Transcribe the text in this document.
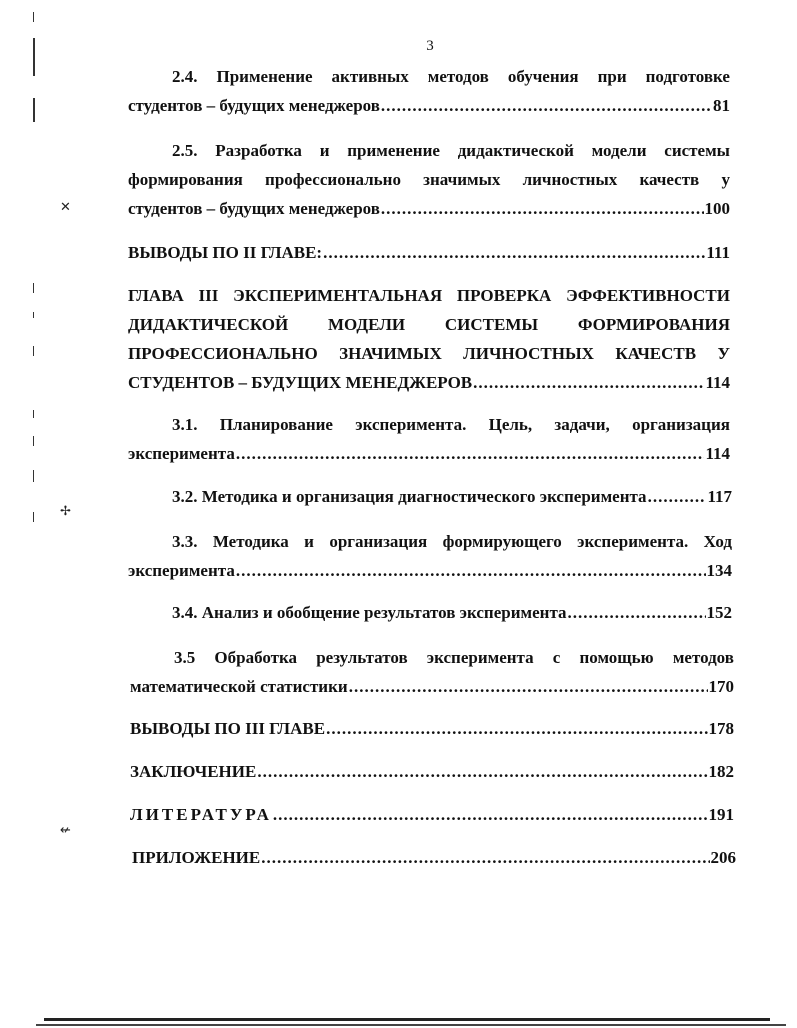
3
2.4. Применение активных методов обучения при подготовке
студентов – будущих менеджеров .....	81
2.5. Разработка и применение дидактической модели системы
формирования профессионально значимых личностных качеств у
студентов – будущих менеджеров .....	100
ВЫВОДЫ ПО II ГЛАВЕ: .....	111
ГЛАВА III ЭКСПЕРИМЕНТАЛЬНАЯ ПРОВЕРКА ЭФФЕКТИВНОСТИ
ДИДАКТИЧЕСКОЙ МОДЕЛИ СИСТЕМЫ ФОРМИРОВАНИЯ
ПРОФЕССИОНАЛЬНО ЗНАЧИМЫХ ЛИЧНОСТНЫХ КАЧЕСТВ У
СТУДЕНТОВ – БУДУЩИХ МЕНЕДЖЕРОВ .....	114
3.1. Планирование эксперимента. Цель, задачи, организация
эксперимента .....	114
3.2. Методика и организация диагностического эксперимента .....	117
3.3. Методика и организация формирующего эксперимента. Ход
эксперимента .....	134
3.4. Анализ и обобщение результатов эксперимента .....	152
3.5 Обработка результатов эксперимента с помощью методов
математической статистики .....	170
ВЫВОДЫ ПО III ГЛАВЕ .....	178
ЗАКЛЮЧЕНИЕ .....	182
ЛИТЕРАТУРА .....	191
ПРИЛОЖЕНИЕ .....	206
✕
✢
↚
